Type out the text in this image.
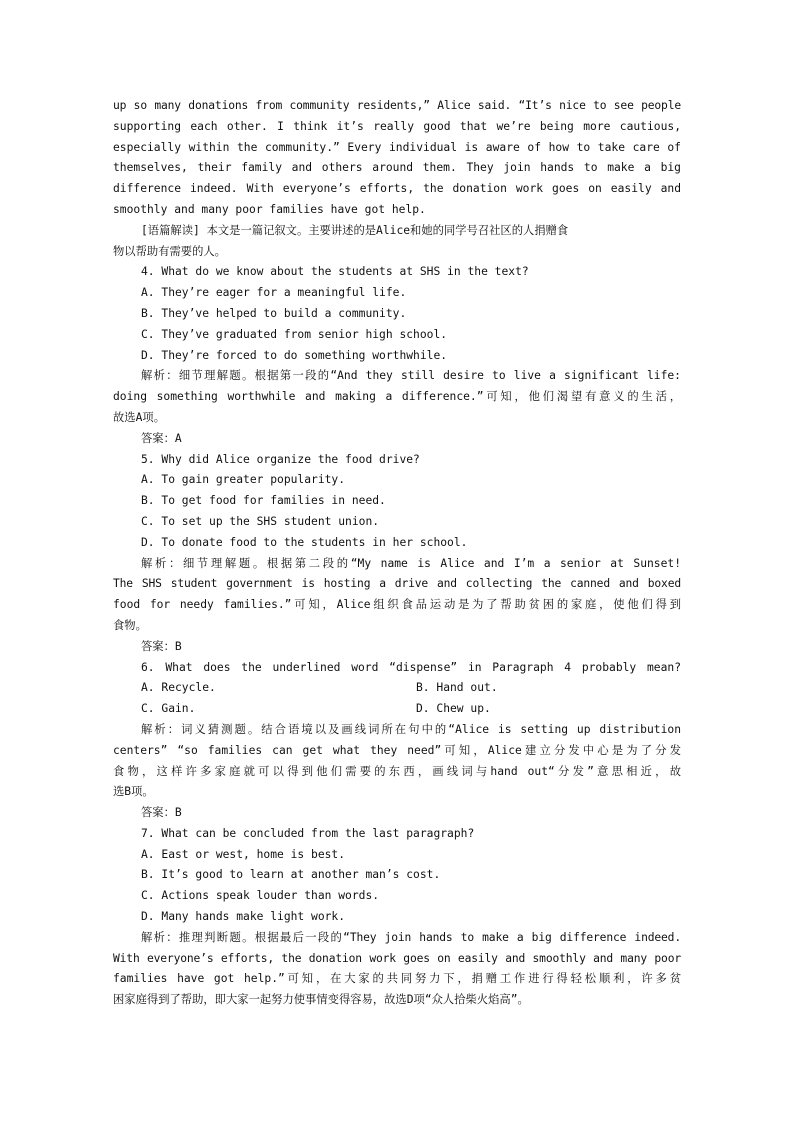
up so many donations from community residents,” Alice said. “It’s nice to see people
supporting each other. I think it’s really good that we’re being more cautious,
especially within the community.” Every individual is aware of how to take care of
themselves, their family and others around them. They join hands to make a big
difference indeed. With everyone’s efforts, the donation work goes on easily and
smoothly and many poor families have got help.
[语篇解读] 本文是一篇记叙文。主要讲述的是Alice和她的同学号召社区的人捐赠食
物以帮助有需要的人。
4. What do we know about the students at SHS in the text?
A. They’re eager for a meaningful life.
B. They’ve helped to build a community.
C. They’ve graduated from senior high school.
D. They’re forced to do something worthwhile.
解析：细节理解题。根据第一段的“And they still desire to live a significant life:
doing something worthwhile and making a difference.”可知，他们渴望有意义的生活，
故选A项。
答案：A
5. Why did Alice organize the food drive?
A. To gain greater popularity.
B. To get food for families in need.
C. To set up the SHS student union.
D. To donate food to the students in her school.
解析：细节理解题。根据第二段的“My name is Alice and I’m a senior at Sunset!
The SHS student government is hosting a drive and collecting the canned and boxed
food for needy families.”可知，Alice组织食品运动是为了帮助贫困的家庭，使他们得到
食物。
答案：B
6. What does the underlined word “dispense” in Paragraph 4 probably mean?
A. Recycle.	B. Hand out.
C. Gain.	D. Chew up.
解析：词义猜测题。结合语境以及画线词所在句中的“Alice is setting up distribution
centers” “so families can get what they need”可知，Alice建立分发中心是为了分发
食物，这样许多家庭就可以得到他们需要的东西，画线词与hand out“分发”意思相近，故
选B项。
答案：B
7. What can be concluded from the last paragraph?
A. East or west, home is best.
B. It’s good to learn at another man’s cost.
C. Actions speak louder than words.
D. Many hands make light work.
解析：推理判断题。根据最后一段的“They join hands to make a big difference indeed.
With everyone’s efforts, the donation work goes on easily and smoothly and many poor
families have got help.”可知，在大家的共同努力下，捐赠工作进行得轻松顺利，许多贫
困家庭得到了帮助，即大家一起努力使事情变得容易，故选D项“众人拾柴火焰高”。
